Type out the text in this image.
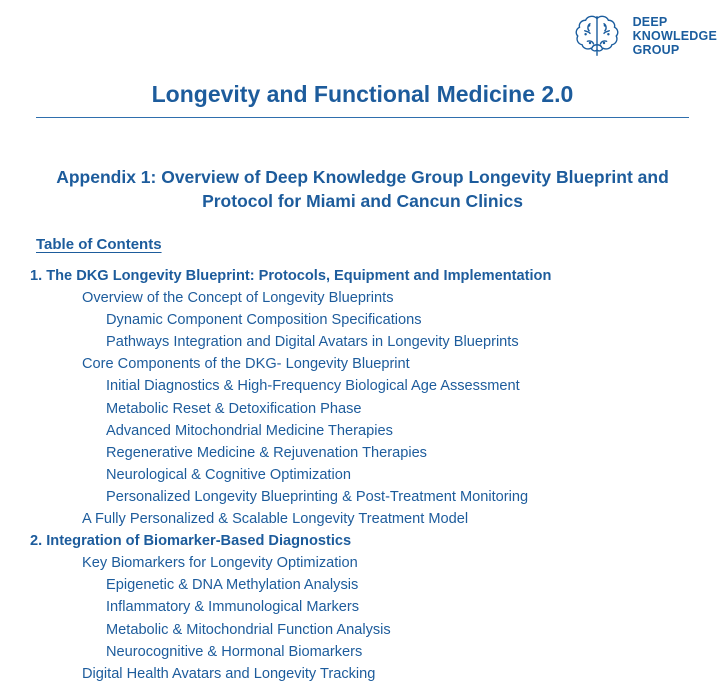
DEEP
KNOWLEDGE
GROUP
Longevity and Functional Medicine 2.0
Appendix 1: Overview of Deep Knowledge Group Longevity Blueprint and Protocol for Miami and Cancun Clinics
Table of Contents
1. The DKG Longevity Blueprint: Protocols, Equipment and Implementation
Overview of the Concept of Longevity Blueprints
Dynamic Component Composition Specifications
Pathways Integration and Digital Avatars in Longevity Blueprints
Core Components of the DKG- Longevity Blueprint
Initial Diagnostics & High-Frequency Biological Age Assessment
Metabolic Reset & Detoxification Phase
Advanced Mitochondrial Medicine Therapies
Regenerative Medicine & Rejuvenation Therapies
Neurological & Cognitive Optimization
Personalized Longevity Blueprinting & Post-Treatment Monitoring
A Fully Personalized & Scalable Longevity Treatment Model
2. Integration of Biomarker-Based Diagnostics
Key Biomarkers for Longevity Optimization
Epigenetic & DNA Methylation Analysis
Inflammatory & Immunological Markers
Metabolic & Mitochondrial Function Analysis
Neurocognitive & Hormonal Biomarkers
Digital Health Avatars and Longevity Tracking
